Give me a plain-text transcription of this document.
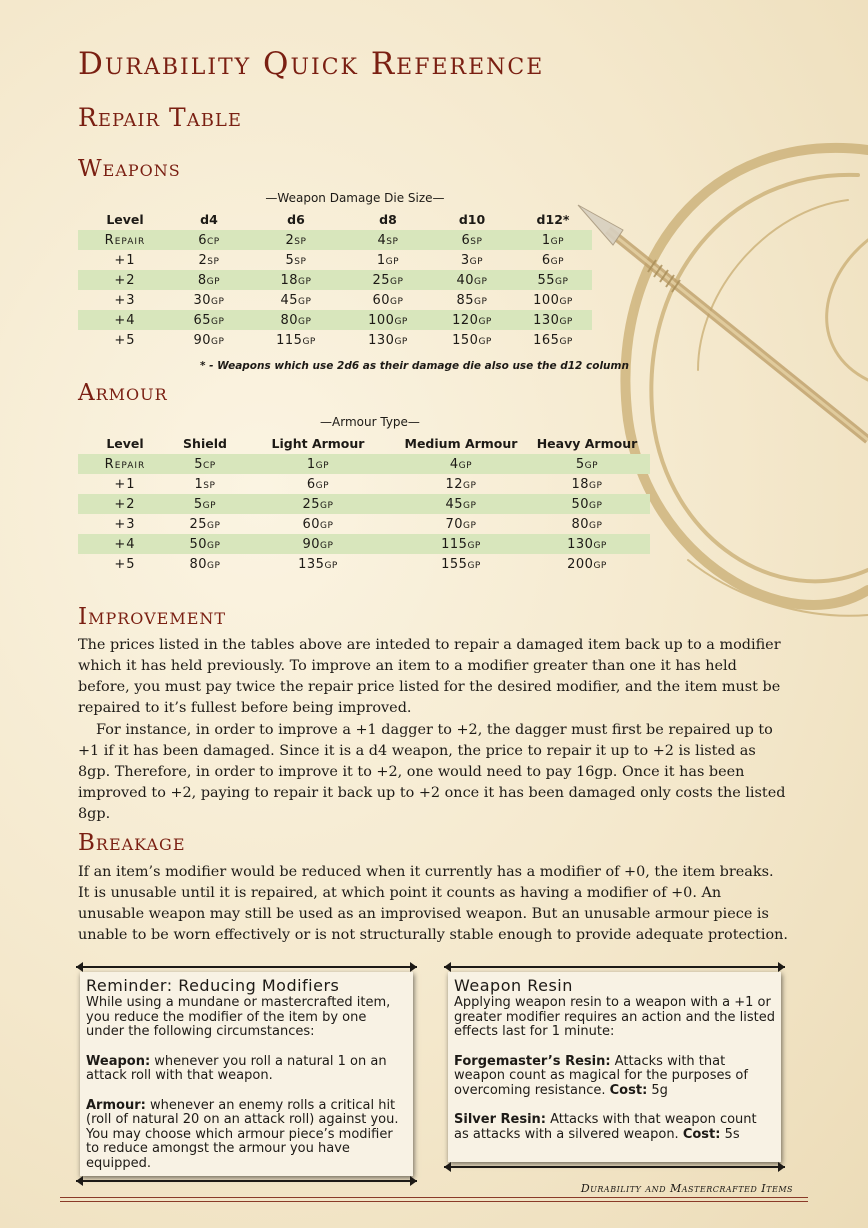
Durability Quick Reference
Repair Table
Weapons
—Weapon Damage Die Size—
Level	d4	d6	d8	d10	d12*
Repair	6cp	2sp	4sp	6sp	1gp
+1	2sp	5sp	1gp	3gp	6gp
+2	8gp	18gp	25gp	40gp	55gp
+3	30gp	45gp	60gp	85gp	100gp
+4	65gp	80gp	100gp	120gp	130gp
+5	90gp	115gp	130gp	150gp	165gp
* - Weapons which use 2d6 as their damage die also use the d12 column
Armour
—Armour Type—
Level	Shield	Light Armour	Medium Armour	Heavy Armour
Repair	5cp	1gp	4gp	5gp
+1	1sp	6gp	12gp	18gp
+2	5gp	25gp	45gp	50gp
+3	25gp	60gp	70gp	80gp
+4	50gp	90gp	115gp	130gp
+5	80gp	135gp	155gp	200gp
Improvement

The prices listed in the tables above are inteded to repair a damaged item back up to a modifier which it has held previously. To improve an item to a modifier greater than one it has held before, you must pay twice the repair price listed for the desired modifier, and the item must be repaired to it’s fullest before being improved.

For instance, in order to improve a +1 dagger to +2, the dagger must first be repaired up to +1 if it has been damaged. Since it is a d4 weapon, the price to repair it up to +2 is listed as 8gp. Therefore, in order to improve it to +2, one would need to pay 16gp. Once it has been improved to +2, paying to repair it back up to +2 once it has been damaged only costs the listed 8gp.

Breakage

If an item’s modifier would be reduced when it currently has a modifier of +0, the item breaks. It is unusable until it is repaired, at which point it counts as having a modifier of +0. An unusable weapon may still be used as an improvised weapon. But an unusable armour piece is unable to be worn effectively or is not structurally stable enough to provide adequate protection.

Reminder: Reducing Modifiers

While using a mundane or mastercrafted item, you reduce the modifier of the item by one under the following circumstances:

Weapon: whenever you roll a natural 1 on an attack roll with that weapon.

Armour: whenever an enemy rolls a critical hit (roll of natural 20 on an attack roll) against you. You may choose which armour piece’s modifier to reduce amongst the armour you have equipped.

Weapon Resin

Applying weapon resin to a weapon with a +1 or greater modifier requires an action and the listed effects last for 1 minute:

Forgemaster’s Resin: Attacks with that weapon count as magical for the purposes of overcoming resistance. Cost: 5g

Silver Resin: Attacks with that weapon count as attacks with a silvered weapon. Cost: 5s

Durability and Mastercrafted Items
